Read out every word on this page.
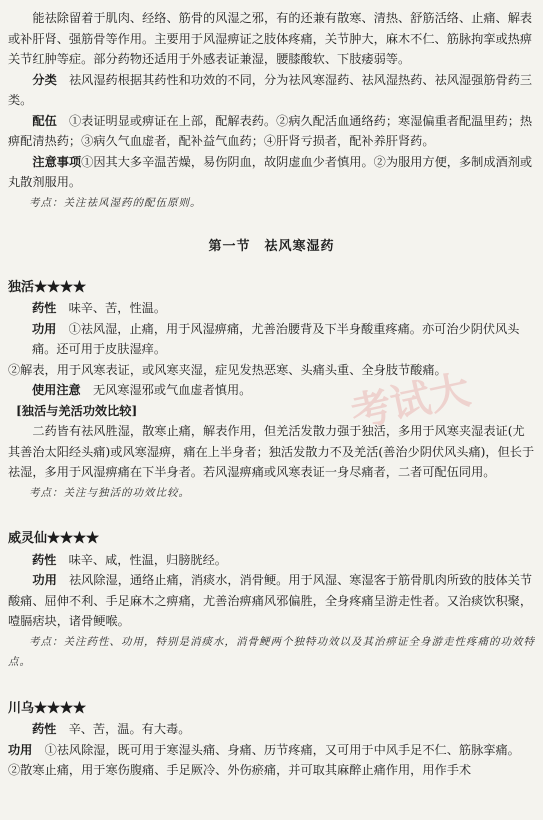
能祛除留着于肌肉、经络、筋骨的风湿之邪，有的还兼有散寒、清热、舒筋活络、止痛、解表或补肝肾、强筋骨等作用。主要用于风湿痹证之肢体疼痛，关节肿大，麻木不仁、筋脉拘挛或热痹关节红肿等症。部分药物还适用于外感表证兼湿，腰膝酸软、下肢痿弱等。

分类　 祛风湿药根据其药性和功效的不同，分为祛风寒湿药、祛风湿热药、祛风湿强筋骨药三类。

配伍　 ①表证明显或痹证在上部，配解表药。②病久配活血通络药；寒湿偏重者配温里药；热痹配清热药；③病久气血虚者，配补益气血药；④肝肾亏损者，配补养肝肾药。

注意事项①因其大多辛温苦燥，易伤阴血，故阴虚血少者慎用。②为服用方便，多制成酒剂或丸散剂服用。

考点：关注祛风湿药的配伍原则。

第一节　祛风寒湿药
独活★★★★

药性　 味辛、苦，性温。

功用　 ①祛风湿，止痛，用于风湿痹痛，尤善治腰背及下半身酸重疼痛。亦可治少阴伏风头痛。还可用于皮肤湿痒。

②解表，用于风寒表证，或风寒夹湿，症见发热恶寒、头痛头重、全身肢节酸痛。

使用注意　 无风寒湿邪或气血虚者慎用。

[独活与羌活功效比较]

二药皆有祛风胜湿，散寒止痛，解表作用，但羌活发散力强于独活，多用于风寒夹湿表证(尤其善治太阳经头痛)或风寒湿痹，痛在上半身者；独活发散力不及羌活(善治少阴伏风头痛)，但长于祛湿，多用于风湿痹痛在下半身者。若风湿痹痛或风寒表证一身尽痛者，二者可配伍同用。

考点：关注与独活的功效比较。

威灵仙★★★★

药性　 味辛、咸，性温，归膀胱经。

功用　 祛风除湿，通络止痛，消痰水，消骨鲠。用于风湿、寒湿客于筋骨肌肉所致的肢体关节酸痛、屈伸不利、手足麻木之痹痛，尤善治痹痛风邪偏胜，全身疼痛呈游走性者。又治痰饮积聚，噎膈痞块，诸骨鲠喉。

考点：关注药性、功用，特别是消痰水，消骨鲠两个独特功效以及其治痹证全身游走性疼痛的功效特点。

川乌★★★★

药性　 辛、苦，温。有大毒。

功用　 ①祛风除湿，既可用于寒湿头痛、身痛、历节疼痛，又可用于中风手足不仁、筋脉挛痛。

②散寒止痛，用于寒伤腹痛、手足厥冷、外伤瘀痛，并可取其麻醉止痛作用，用作手术

考试大
